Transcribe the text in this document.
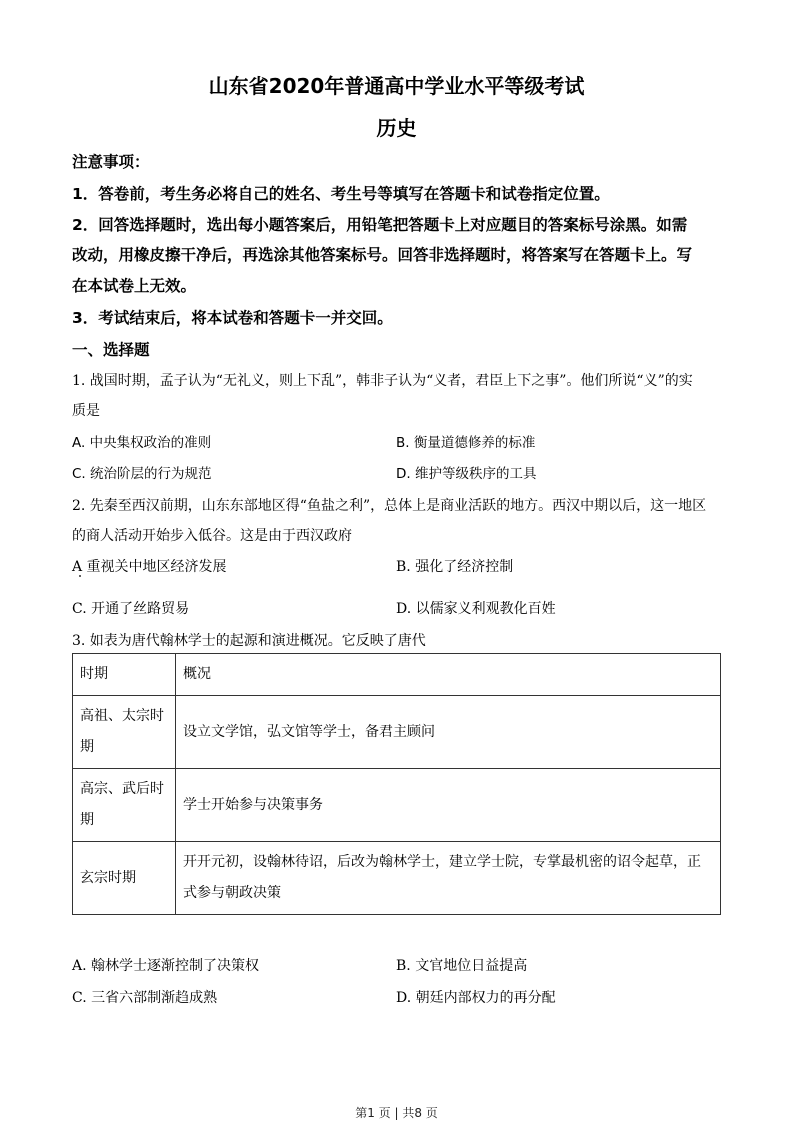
山东省2020年普通高中学业水平等级考试
历史
注意事项：
1．答卷前，考生务必将自己的姓名、考生号等填写在答题卡和试卷指定位置。
2．回答选择题时，选出每小题答案后，用铅笔把答题卡上对应题目的答案标号涂黑。如需
改动，用橡皮擦干净后，再选涂其他答案标号。回答非选择题时，将答案写在答题卡上。写
在本试卷上无效。
3．考试结束后，将本试卷和答题卡一并交回。
一、选择题
1. 战国时期，孟子认为“无礼义，则上下乱”，韩非子认为“义者，君臣上下之事”。他们所说“义”的实
质是
A. 中央集权政治的准则	B. 衡量道德修养的标准
C. 统治阶层的行为规范	D. 维护等级秩序的工具
2. 先秦至西汉前期，山东东部地区得“鱼盐之利”，总体上是商业活跃的地方。西汉中期以后，这一地区
的商人活动开始步入低谷。这是由于西汉政府
A 重视关中地区经济发展	B. 强化了经济控制
C. 开通了丝路贸易	D. 以儒家义利观教化百姓
3. 如表为唐代翰林学士的起源和演进概况。它反映了唐代
时期	概况
高祖、太宗时期	设立文学馆，弘文馆等学士，备君主顾问
高宗、武后时期	学士开始参与决策事务
玄宗时期	开开元初，设翰林待诏，后改为翰林学士，建立学士院，专掌最机密的诏令起草，正式参与朝政决策
A. 翰林学士逐渐控制了决策权	B. 文官地位日益提高
C. 三省六部制渐趋成熟	D. 朝廷内部权力的再分配
第1 页 | 共8 页
